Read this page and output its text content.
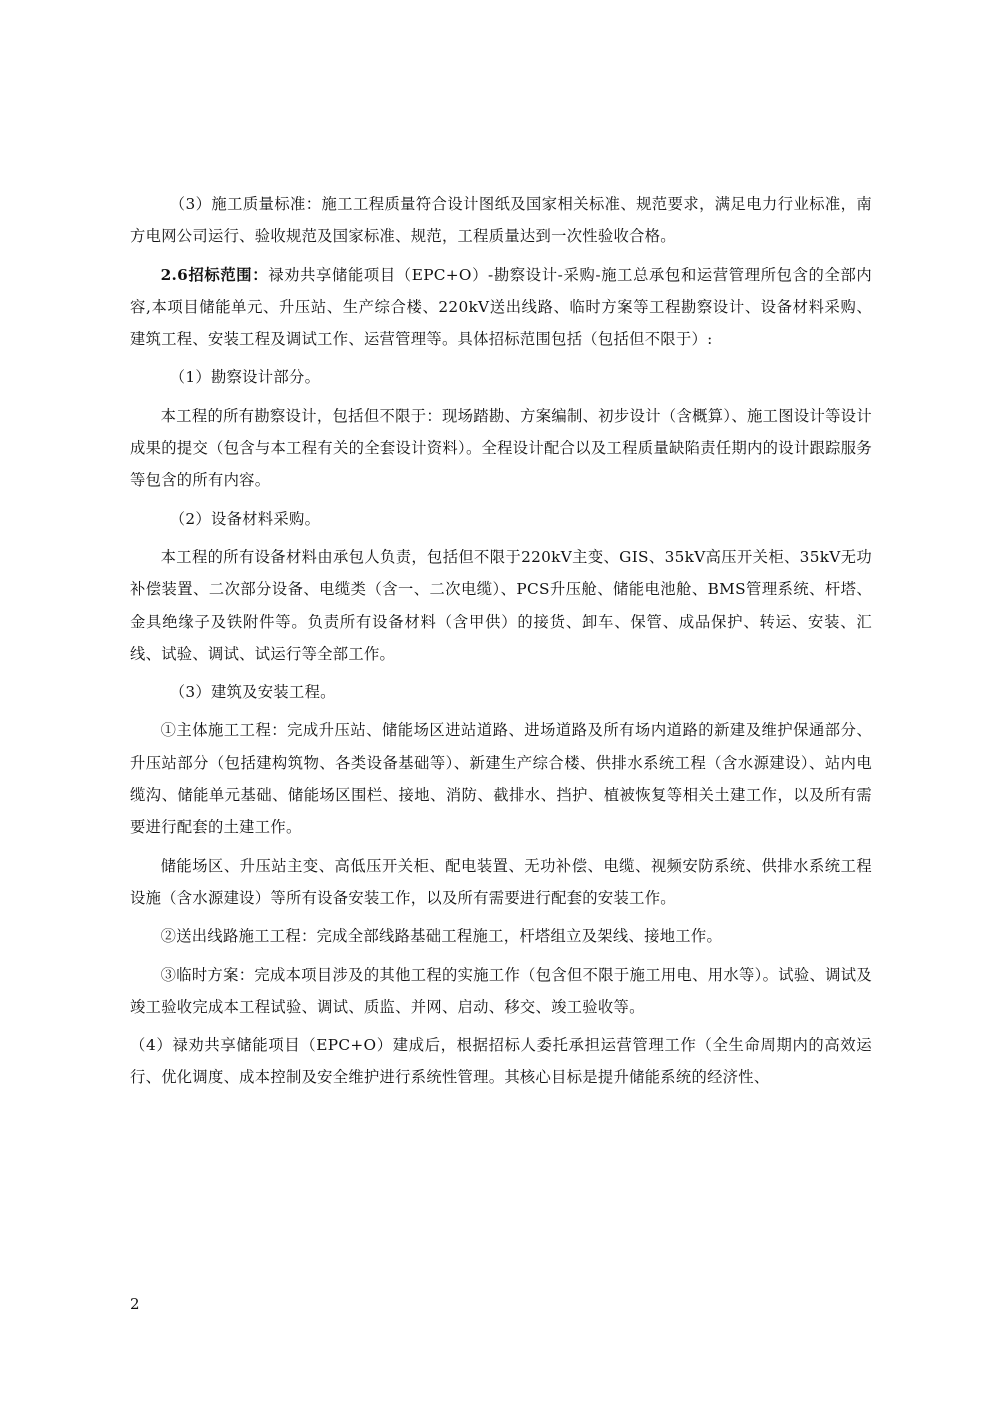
（3）施工质量标准：施工工程质量符合设计图纸及国家相关标准、规范要求，满足电力行业标准，南方电网公司运行、验收规范及国家标准、规范，工程质量达到一次性验收合格。

2.6招标范围：禄劝共享储能项目（EPC+O）-勘察设计-采购-施工总承包和运营管理所包含的全部内容,本项目储能单元、升压站、生产综合楼、220kV送出线路、临时方案等工程勘察设计、设备材料采购、建筑工程、安装工程及调试工作、运营管理等。具体招标范围包括（包括但不限于）:

（1）勘察设计部分。

本工程的所有勘察设计，包括但不限于：现场踏勘、方案编制、初步设计（含概算）、施工图设计等设计成果的提交（包含与本工程有关的全套设计资料）。全程设计配合以及工程质量缺陷责任期内的设计跟踪服务等包含的所有内容。

（2）设备材料采购。

本工程的所有设备材料由承包人负责，包括但不限于220kV主变、GIS、35kV高压开关柜、35kV无功补偿装置、二次部分设备、电缆类（含一、二次电缆）、PCS升压舱、储能电池舱、BMS管理系统、杆塔、金具绝缘子及铁附件等。负责所有设备材料（含甲供）的接货、卸车、保管、成品保护、转运、安装、汇线、试验、调试、试运行等全部工作。

（3）建筑及安装工程。

①主体施工工程：完成升压站、储能场区进站道路、进场道路及所有场内道路的新建及维护保通部分、升压站部分（包括建构筑物、各类设备基础等）、新建生产综合楼、供排水系统工程（含水源建设）、站内电缆沟、储能单元基础、储能场区围栏、接地、消防、截排水、挡护、植被恢复等相关土建工作，以及所有需要进行配套的土建工作。

储能场区、升压站主变、高低压开关柜、配电装置、无功补偿、电缆、视频安防系统、供排水系统工程设施（含水源建设）等所有设备安装工作，以及所有需要进行配套的安装工作。

②送出线路施工工程：完成全部线路基础工程施工，杆塔组立及架线、接地工作。

③临时方案：完成本项目涉及的其他工程的实施工作（包含但不限于施工用电、用水等）。试验、调试及竣工验收完成本工程试验、调试、质监、并网、启动、移交、竣工验收等。

（4）禄劝共享储能项目（EPC+O）建成后，根据招标人委托承担运营管理工作（全生命周期内的高效运行、优化调度、成本控制及安全维护进行系统性管理。其核心目标是提升储能系统的经济性、

2
